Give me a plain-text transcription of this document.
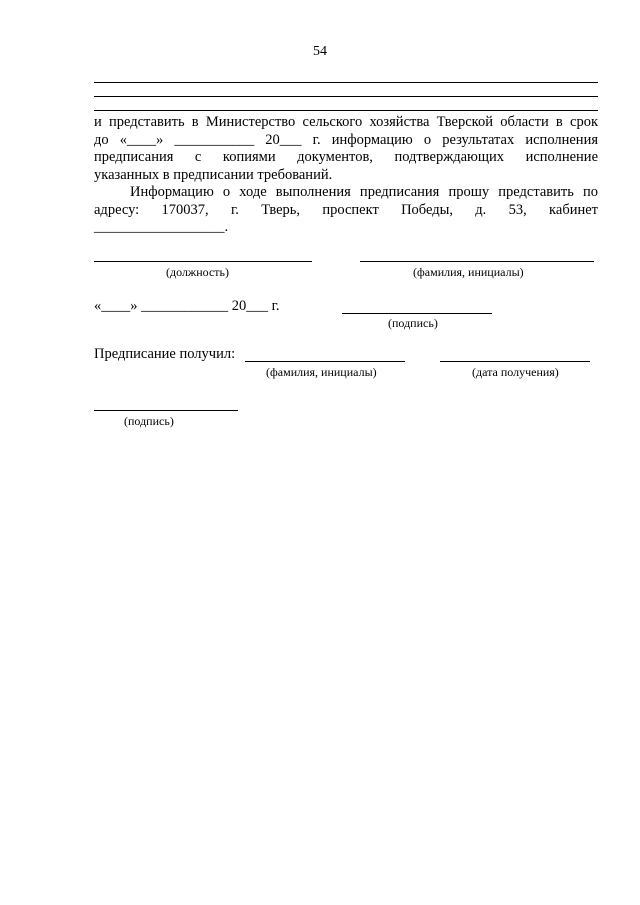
54
и представить в Министерство сельского хозяйства Тверской области в срок
до «____» ___________ 20___ г. информацию о результатах исполнения
предписания с копиями документов, подтверждающих исполнение
указанных в предписании требований.
Информацию о ходе выполнения предписания прошу представить по
адресу: 170037, г. Тверь, проспект Победы, д. 53, кабинет
__________________.
(должность)	(фамилия, инициалы)
«____» ____________ 20___ г.
(подпись)
Предписание получил:
(фамилия, инициалы)	(дата получения)
(подпись)
